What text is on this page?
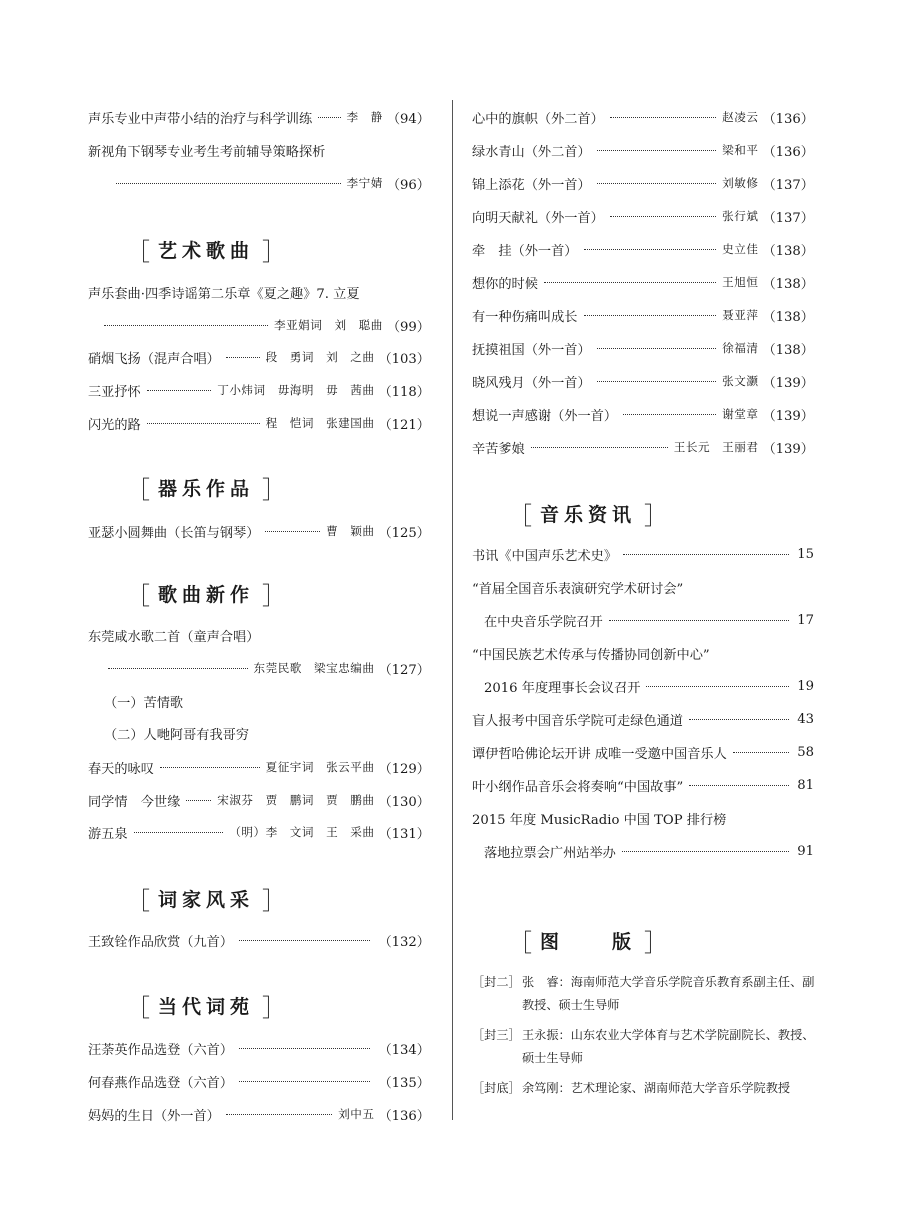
声乐专业中声带小结的治疗与科学训练	李　静 （94）
新视角下钢琴专业考生考前辅导策略探析
李宁婧 （96）
［ 艺术歌曲 ］
声乐套曲·四季诗谣第二乐章《夏之趣》7. 立夏
李亚娟词　刘　聪曲 （99）
硝烟飞扬（混声合唱）	段　勇词　刘　之曲 （103）
三亚抒怀	丁小炜词　毋海明　毋　茜曲 （118）
闪光的路	程　恺词　张建国曲 （121）
［ 器乐作品 ］
亚瑟小圆舞曲（长笛与钢琴）	曹　颖曲 （125）
［ 歌曲新作 ］
东莞咸水歌二首（童声合唱）
东莞民歌　梁宝忠编曲 （127）
（一）苦情歌
（二）人哋阿哥有我哥穷
春天的咏叹	夏征宇词　张云平曲 （129）
同学情　今世缘	宋淑芬　贾　鹏词　贾　鹏曲 （130）
游五泉	（明）李　文词　王　采曲 （131）
［ 词家风采 ］
王致铨作品欣赏（九首）	（132）
［ 当代词苑 ］
汪荼英作品选登（六首）	（134）
何春燕作品选登（六首）	（135）
妈妈的生日（外一首）	刘中五 （136）
心中的旗帜（外二首）	赵凌云 （136）
绿水青山（外二首）	梁和平 （136）
锦上添花（外一首）	刘敏修 （137）
向明天献礼（外一首）	张行斌 （137）
牵　挂（外一首）	史立佳 （138）
想你的时候	王旭恒 （138）
有一种伤痛叫成长	聂亚萍 （138）
抚摸祖国（外一首）	徐福清 （138）
晓风残月（外一首）	张文灏 （139）
想说一声感谢（外一首）	谢堂章 （139）
辛苦爹娘	王长元　王丽君 （139）
［ 音乐资讯 ］
书讯《中国声乐艺术史》	15
“首届全国音乐表演研究学术研讨会”
在中央音乐学院召开	17
“中国民族艺术传承与传播协同创新中心”
2016 年度理事长会议召开	19
盲人报考中国音乐学院可走绿色通道	43
谭伊哲哈佛论坛开讲 成唯一受邀中国音乐人	58
叶小纲作品音乐会将奏响“中国故事”	81
2015 年度 MusicRadio 中国 TOP 排行榜
落地拉票会广州站举办	91
［ 图　　版 ］
［封二］ 张　睿：海南师范大学音乐学院音乐教育系副主任、副教授、硕士生导师
［封三］ 王永振：山东农业大学体育与艺术学院副院长、教授、硕士生导师
［封底］ 余笃刚：艺术理论家、湖南师范大学音乐学院教授
